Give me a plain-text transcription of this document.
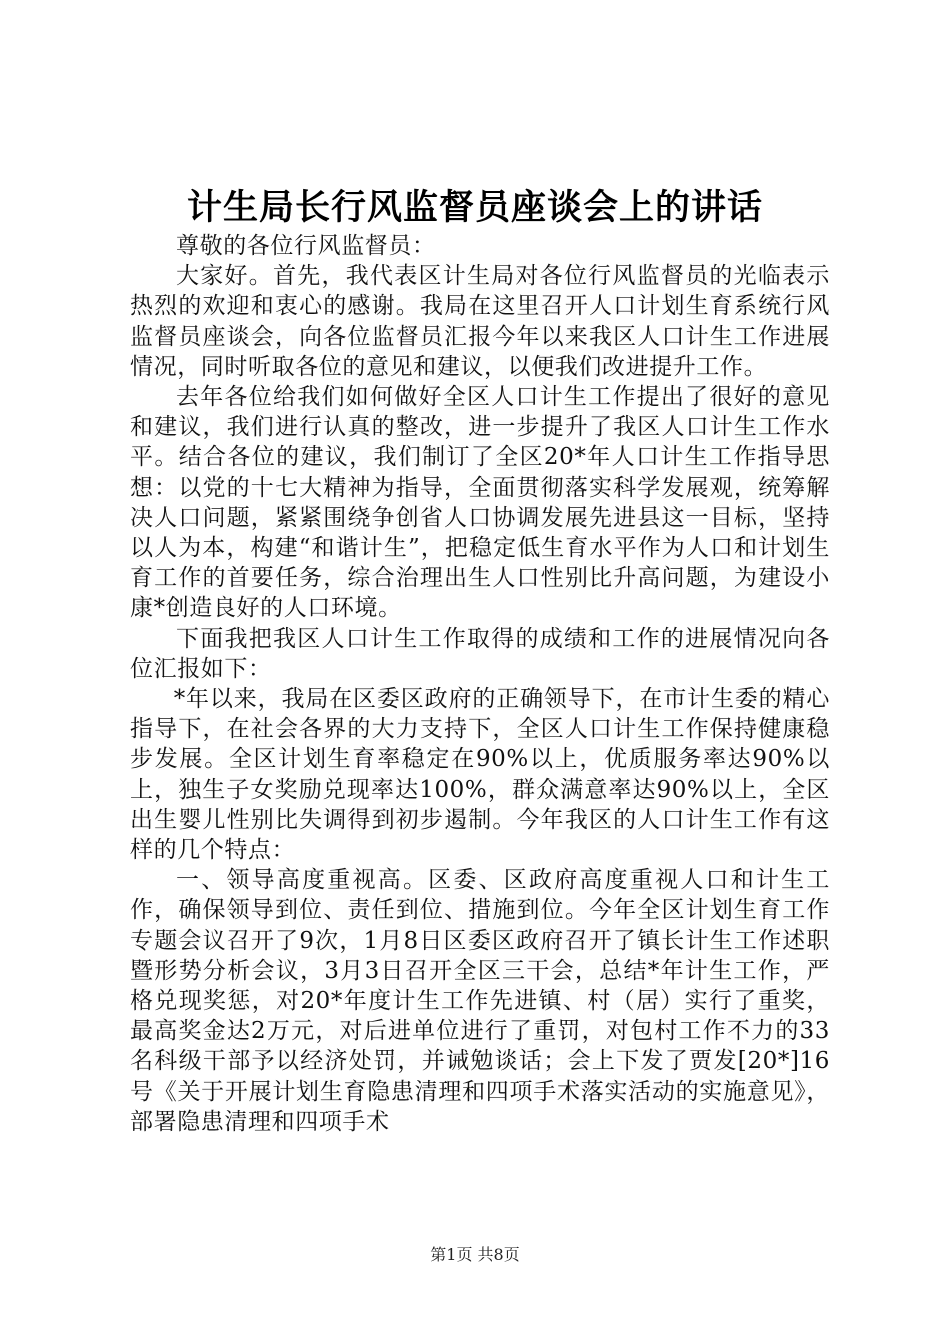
计生局长行风监督员座谈会上的讲话

尊敬的各位行风监督员：

大家好。首先，我代表区计生局对各位行风监督员的光临表示热烈的欢迎和衷心的感谢。我局在这里召开人口计划生育系统行风监督员座谈会，向各位监督员汇报今年以来我区人口计生工作进展情况，同时听取各位的意见和建议，以便我们改进提升工作。

去年各位给我们如何做好全区人口计生工作提出了很好的意见和建议，我们进行认真的整改，进一步提升了我区人口计生工作水平。结合各位的建议，我们制订了全区20*年人口计生工作指导思想：以党的十七大精神为指导，全面贯彻落实科学发展观，统筹解决人口问题，紧紧围绕争创省人口协调发展先进县这一目标，坚持以人为本，构建“和谐计生”，把稳定低生育水平作为人口和计划生育工作的首要任务，综合治理出生人口性别比升高问题，为建设小康*创造良好的人口环境。

下面我把我区人口计生工作取得的成绩和工作的进展情况向各位汇报如下：

*年以来，我局在区委区政府的正确领导下，在市计生委的精心指导下，在社会各界的大力支持下，全区人口计生工作保持健康稳步发展。全区计划生育率稳定在90%以上，优质服务率达90%以上，独生子女奖励兑现率达100%，群众满意率达90%以上，全区出生婴儿性别比失调得到初步遏制。今年我区的人口计生工作有这样的几个特点：

一、领导高度重视高。区委、区政府高度重视人口和计生工作，确保领导到位、责任到位、措施到位。今年全区计划生育工作专题会议召开了9次，1月8日区委区政府召开了镇长计生工作述职暨形势分析会议，3月3日召开全区三干会，总结*年计生工作，严格兑现奖惩，对20*年度计生工作先进镇、村（居）实行了重奖，最高奖金达2万元，对后进单位进行了重罚，对包村工作不力的33名科级干部予以经济处罚，并诫勉谈话；会上下发了贾发[20*]16号《关于开展计划生育隐患清理和四项手术落实活动的实施意见》，部署隐患清理和四项手术

第1页 共8页
